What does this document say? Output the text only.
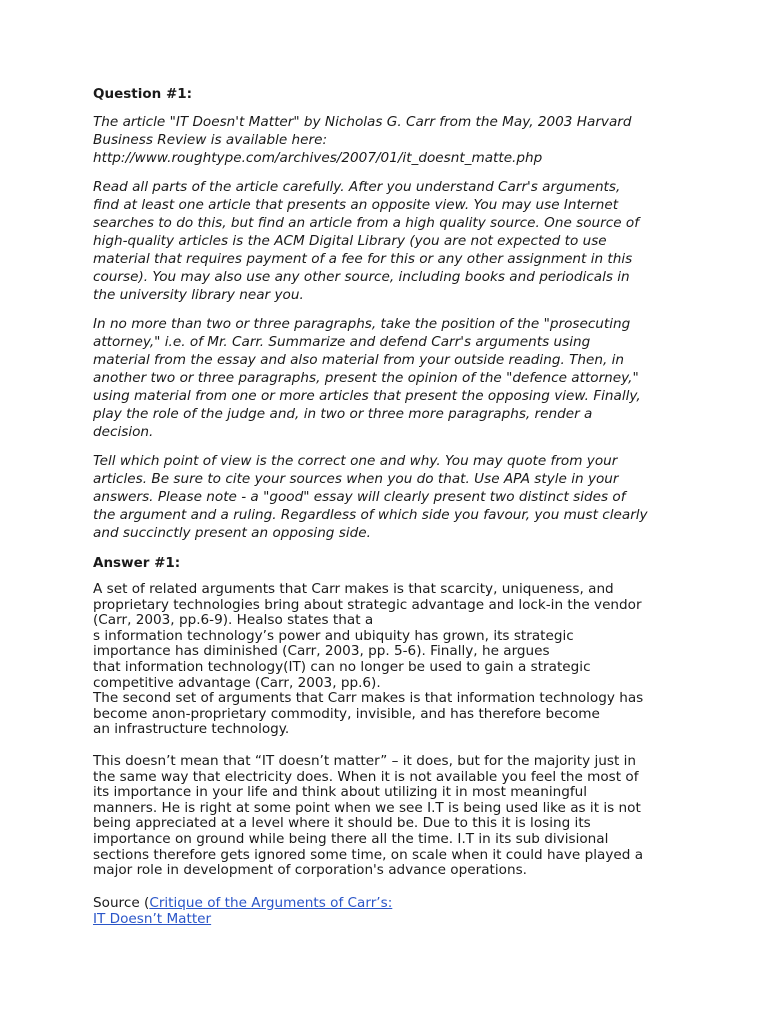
Question #1:
The article "IT Doesn't Matter" by Nicholas G. Carr from the May, 2003 Harvard
Business Review is available here:
http://www.roughtype.com/archives/2007/01/it_doesnt_matte.php
Read all parts of the article carefully. After you understand Carr's arguments,
find at least one article that presents an opposite view. You may use Internet
searches to do this, but find an article from a high quality source. One source of
high-quality articles is the ACM Digital Library (you are not expected to use
material that requires payment of a fee for this or any other assignment in this
course). You may also use any other source, including books and periodicals in
the university library near you.
In no more than two or three paragraphs, take the position of the "prosecuting
attorney," i.e. of Mr. Carr. Summarize and defend Carr's arguments using
material from the essay and also material from your outside reading. Then, in
another two or three paragraphs, present the opinion of the "defence attorney,"
using material from one or more articles that present the opposing view. Finally,
play the role of the judge and, in two or three more paragraphs, render a
decision.
Tell which point of view is the correct one and why. You may quote from your
articles. Be sure to cite your sources when you do that. Use APA style in your
answers. Please note - a "good" essay will clearly present two distinct sides of
the argument and a ruling. Regardless of which side you favour, you must clearly
and succinctly present an opposing side.
Answer #1:
A set of related arguments that Carr makes is that scarcity, uniqueness, and
proprietary technologies bring about strategic advantage and lock-in the vendor
(Carr, 2003, pp.6-9). Healso states that a
s information technology’s power and ubiquity has grown, its strategic
importance has diminished (Carr, 2003, pp. 5-6). Finally, he argues
that information technology(IT) can no longer be used to gain a strategic
competitive advantage (Carr, 2003, pp.6).
The second set of arguments that Carr makes is that information technology has
become anon-proprietary commodity, invisible, and has therefore become
an infrastructure technology.
This doesn’t mean that “IT doesn’t matter” – it does, but for the majority just in
the same way that electricity does. When it is not available you feel the most of
its importance in your life and think about utilizing it in most meaningful
manners. He is right at some point when we see I.T is being used like as it is not
being appreciated at a level where it should be. Due to this it is losing its
importance on ground while being there all the time. I.T in its sub divisional
sections therefore gets ignored some time, on scale when it could have played a
major role in development of corporation's advance operations.
Source (Critique of the Arguments of Carr’s:
IT Doesn’t Matter
